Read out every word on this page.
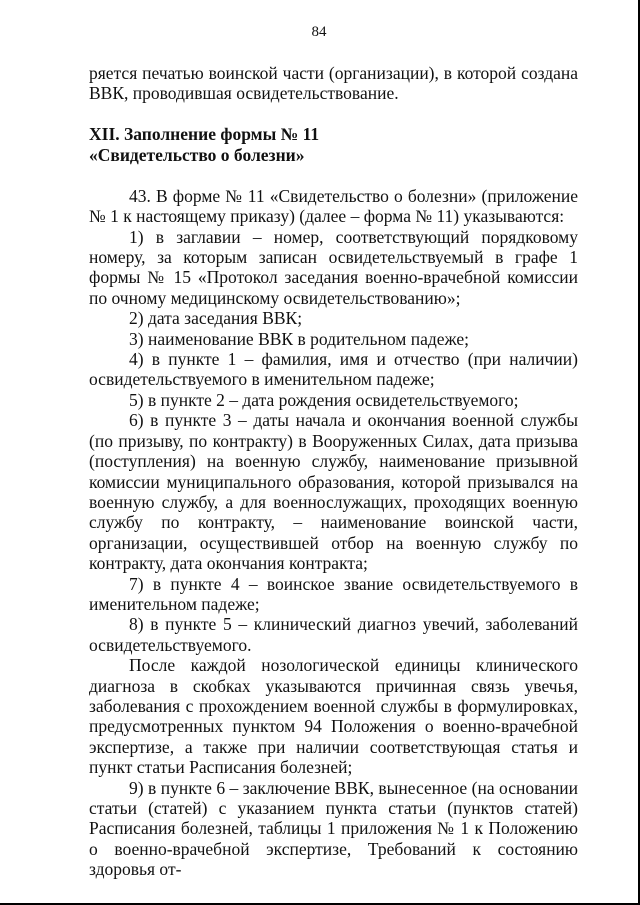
84

ряется печатью воинской части (организации), в которой создана ВВК, проводившая освидетельствование.

XII. Заполнение формы № 11

«Свидетельство о болезни»

43. В форме № 11 «Свидетельство о болезни» (приложение № 1 к настоящему приказу) (далее – форма № 11) указываются:

1) в заглавии – номер, соответствующий порядковому номеру, за которым записан освидетельствуемый в графе 1 формы № 15 «Протокол заседания военно-врачебной комиссии по очному медицинскому освидетельствованию»;

2) дата заседания ВВК;

3) наименование ВВК в родительном падеже;

4) в пункте 1 – фамилия, имя и отчество (при наличии) освидетельствуемого в именительном падеже;

5) в пункте 2 – дата рождения освидетельствуемого;

6) в пункте 3 – даты начала и окончания военной службы (по призыву, по контракту) в Вооруженных Силах, дата призыва (поступления) на военную службу, наименование призывной комиссии муниципального образования, которой призывался на военную службу, а для военнослужащих, проходящих военную службу по контракту, – наименование воинской части, организации, осуществившей отбор на военную службу по контракту, дата окончания контракта;

7) в пункте 4 – воинское звание освидетельствуемого в именительном падеже;

8) в пункте 5 – клинический диагноз увечий, заболеваний освидетельствуемого.

После каждой нозологической единицы клинического диагноза в скобках указываются причинная связь увечья, заболевания с прохождением военной службы в формулировках, предусмотренных пунктом 94 Положения о военно-врачебной экспертизе, а также при наличии соответствующая статья и пункт статьи Расписания болезней;

9) в пункте 6 – заключение ВВК, вынесенное (на основании статьи (статей) с указанием пункта статьи (пунктов статей) Расписания болезней, таблицы 1 приложения № 1 к Положению о военно-врачебной экспертизе, Требований к состоянию здоровья от-
